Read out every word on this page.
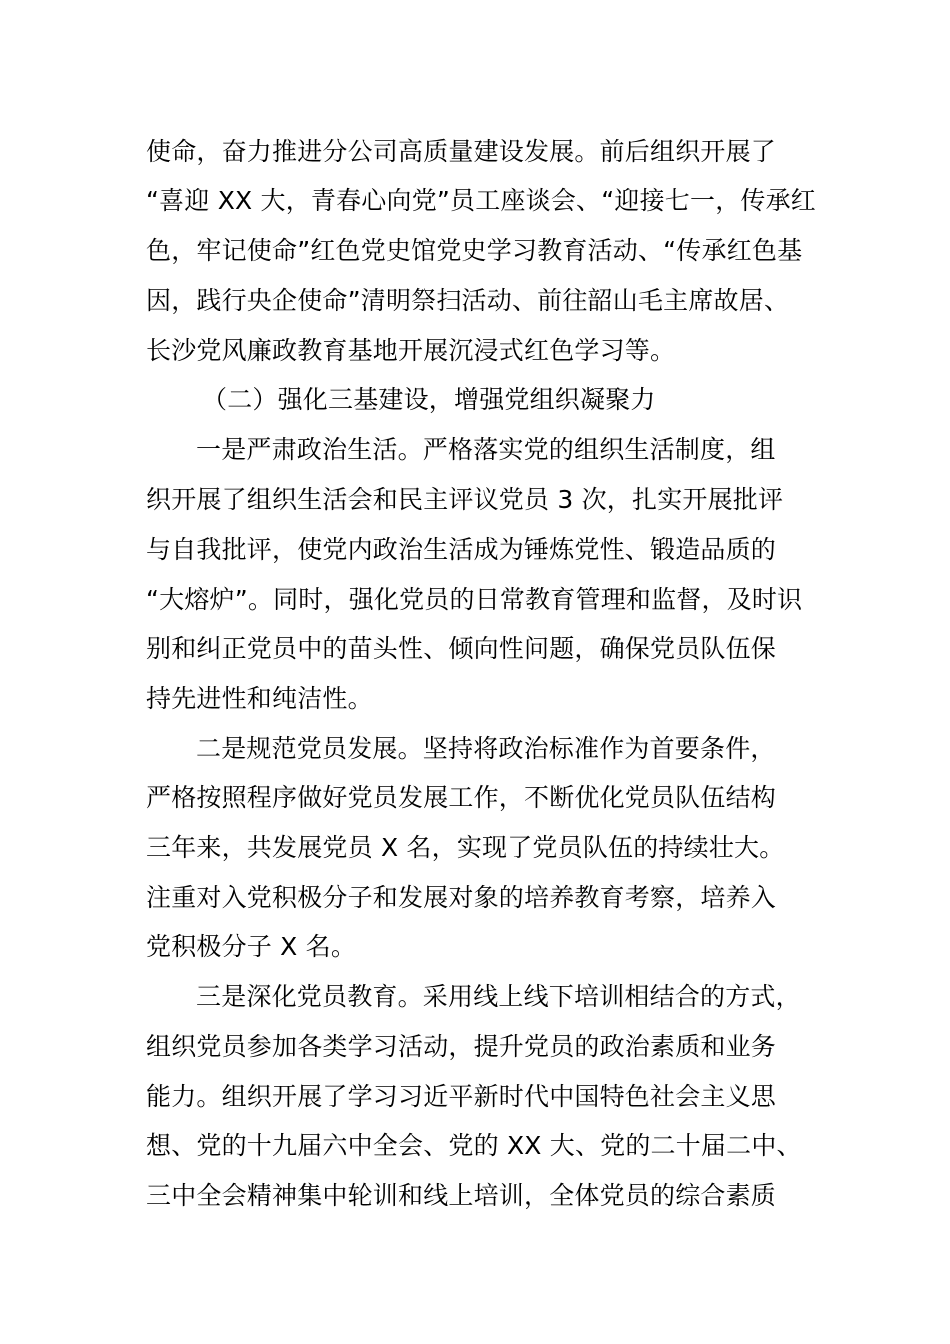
使命，奋力推进分公司高质量建设发展。前后组织开展了
“喜迎 XX 大，青春心向党”员工座谈会、“迎接七一，传承红
色，牢记使命”红色党史馆党史学习教育活动、“传承红色基
因，践行央企使命”清明祭扫活动、前往韶山毛主席故居、
长沙党风廉政教育基地开展沉浸式红色学习等。
（二）强化三基建设，增强党组织凝聚力
一是严肃政治生活。严格落实党的组织生活制度，组
织开展了组织生活会和民主评议党员 3 次，扎实开展批评
与自我批评，使党内政治生活成为锤炼党性、锻造品质的
“大熔炉”。同时，强化党员的日常教育管理和监督，及时识
别和纠正党员中的苗头性、倾向性问题，确保党员队伍保
持先进性和纯洁性。
二是规范党员发展。坚持将政治标准作为首要条件，
严格按照程序做好党员发展工作，不断优化党员队伍结构
三年来，共发展党员 X 名，实现了党员队伍的持续壮大。
注重对入党积极分子和发展对象的培养教育考察，培养入
党积极分子 X 名。
三是深化党员教育。采用线上线下培训相结合的方式，
组织党员参加各类学习活动，提升党员的政治素质和业务
能力。组织开展了学习习近平新时代中国特色社会主义思
想、党的十九届六中全会、党的 XX 大、党的二十届二中、
三中全会精神集中轮训和线上培训，全体党员的综合素质
